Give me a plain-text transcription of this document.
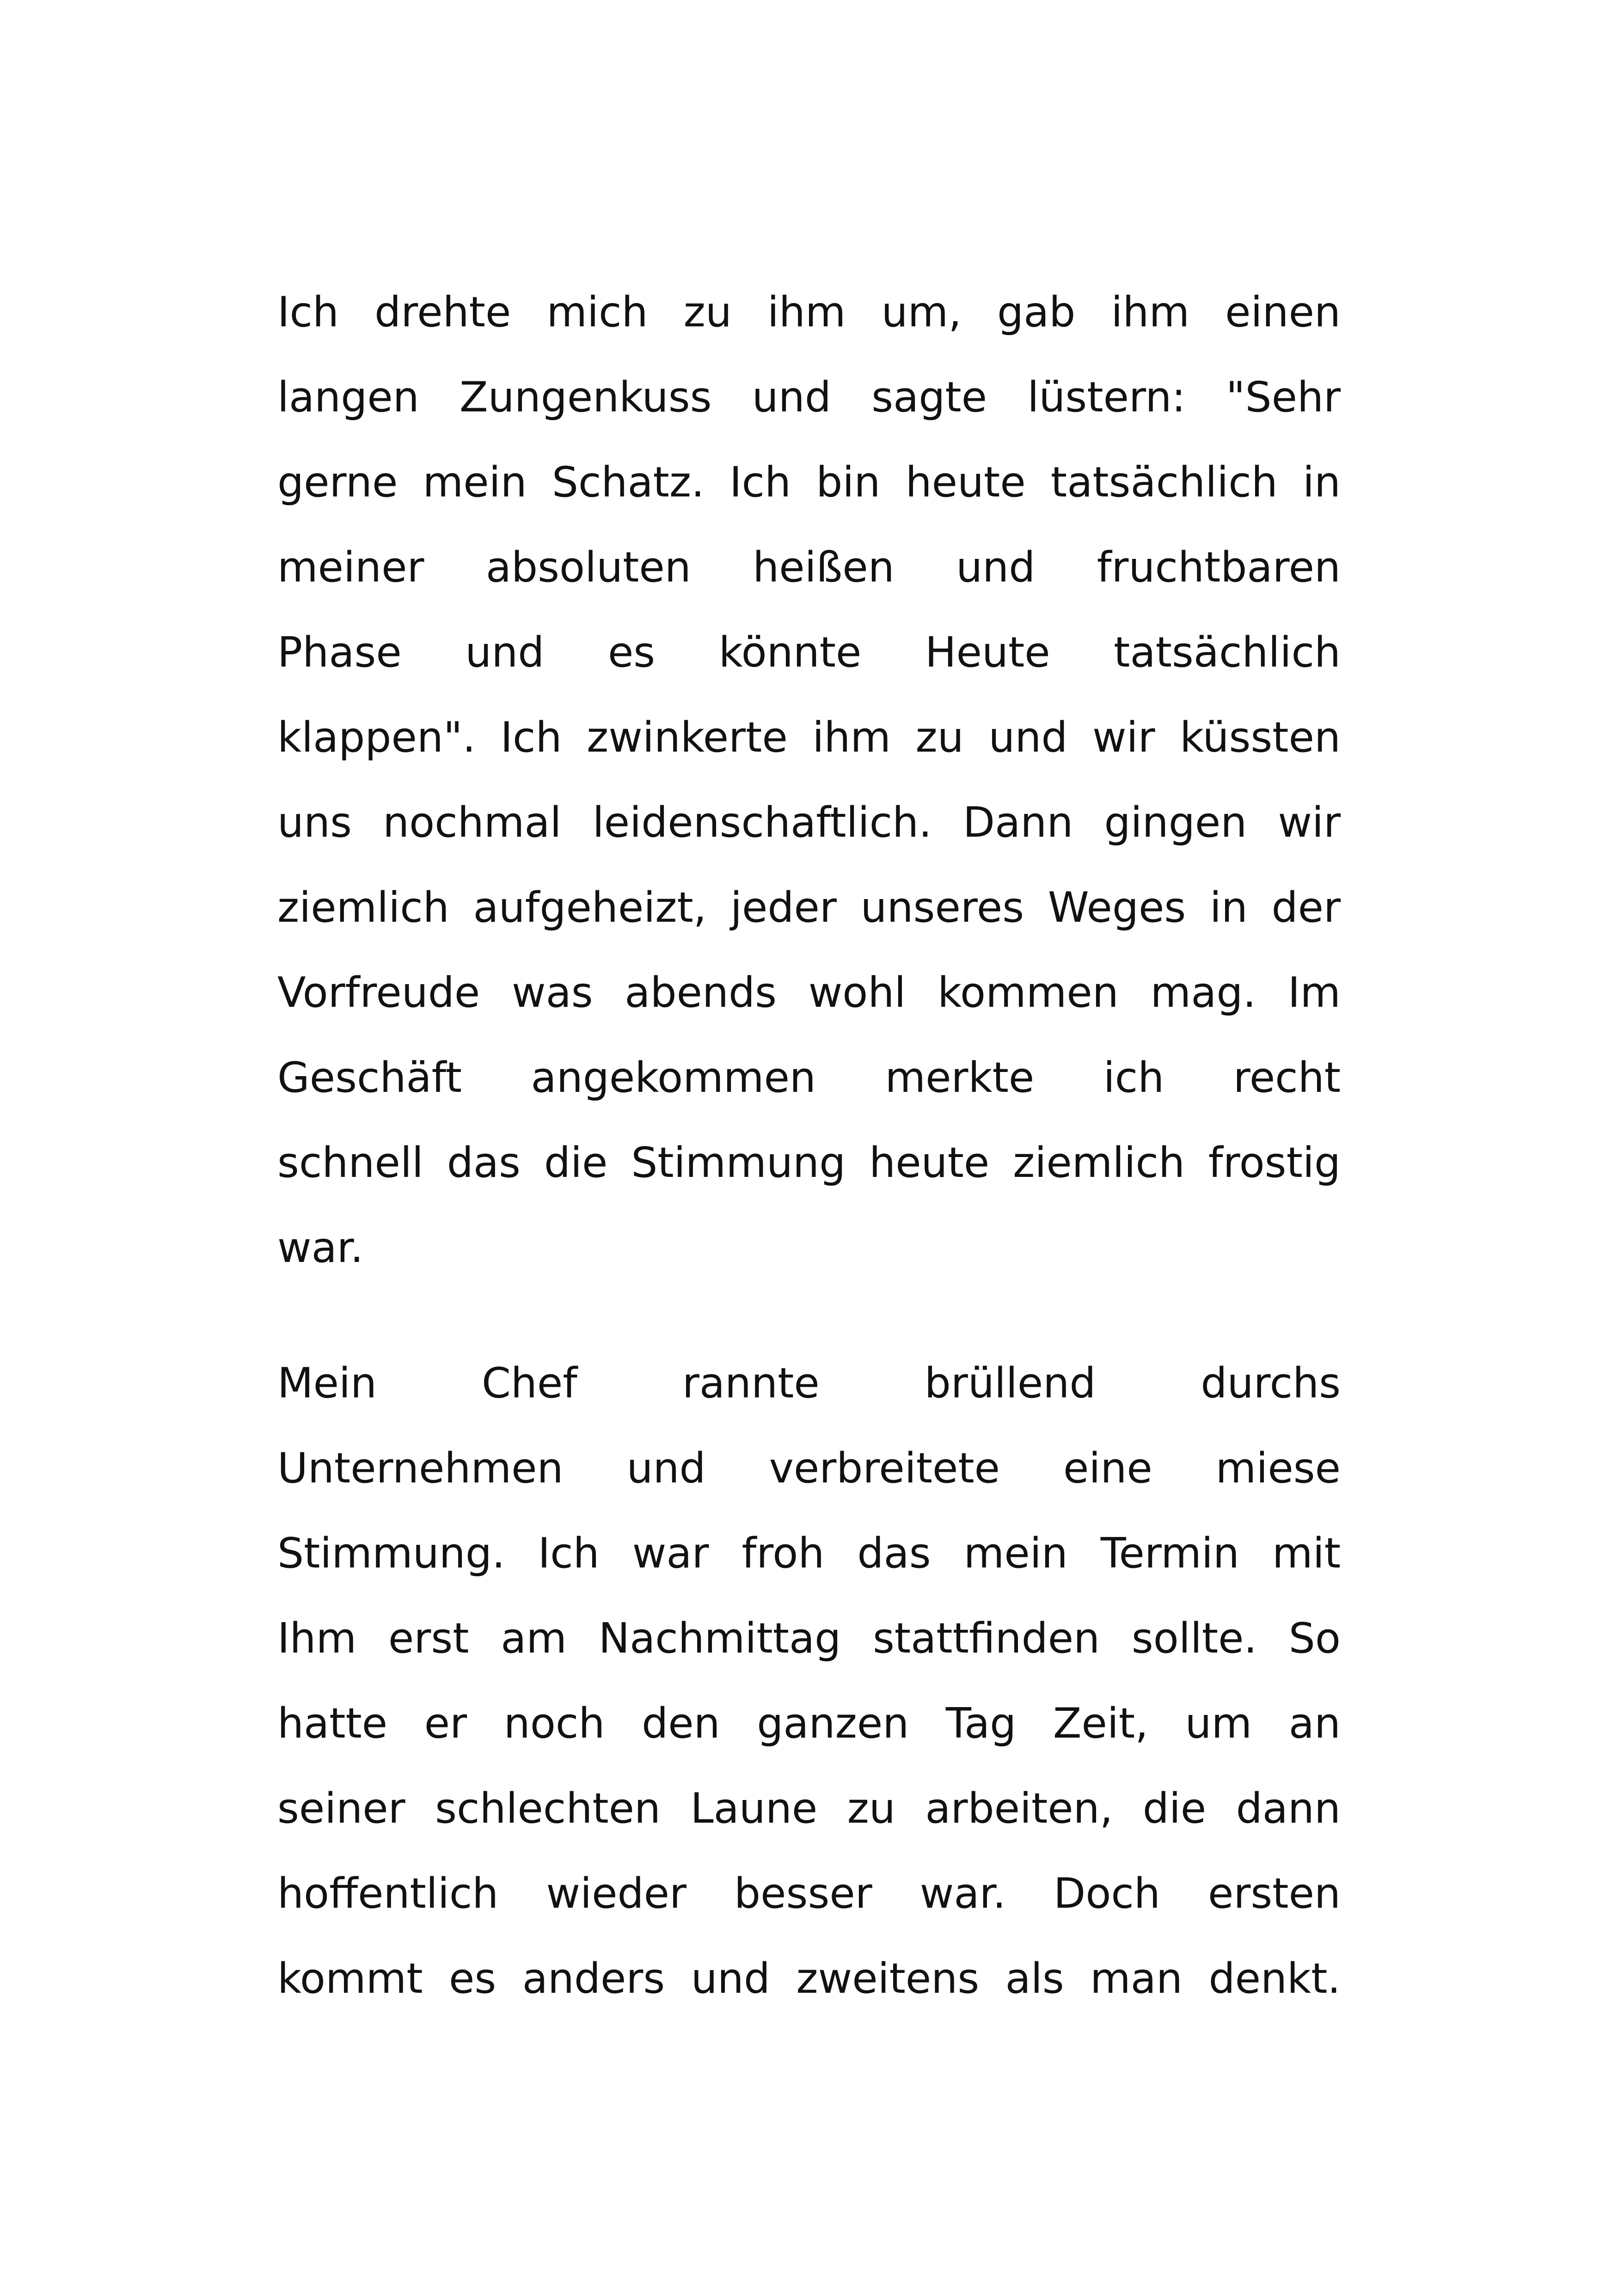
Ich drehte mich zu ihm um, gab ihm einen
langen Zungenkuss und sagte lüstern: "Sehr
gerne mein Schatz. Ich bin heute tatsächlich in
meiner absoluten heißen und fruchtbaren
Phase und es könnte Heute tatsächlich
klappen". Ich zwinkerte ihm zu und wir küssten
uns nochmal leidenschaftlich. Dann gingen wir
ziemlich aufgeheizt, jeder unseres Weges in der
Vorfreude was abends wohl kommen mag. Im
Geschäft angekommen merkte ich recht
schnell das die Stimmung heute ziemlich frostig
war.
Mein Chef rannte brüllend durchs
Unternehmen und verbreitete eine miese
Stimmung. Ich war froh das mein Termin mit
Ihm erst am Nachmittag stattfinden sollte. So
hatte er noch den ganzen Tag Zeit, um an
seiner schlechten Laune zu arbeiten, die dann
hoffentlich wieder besser war. Doch ersten
kommt es anders und zweitens als man denkt.
